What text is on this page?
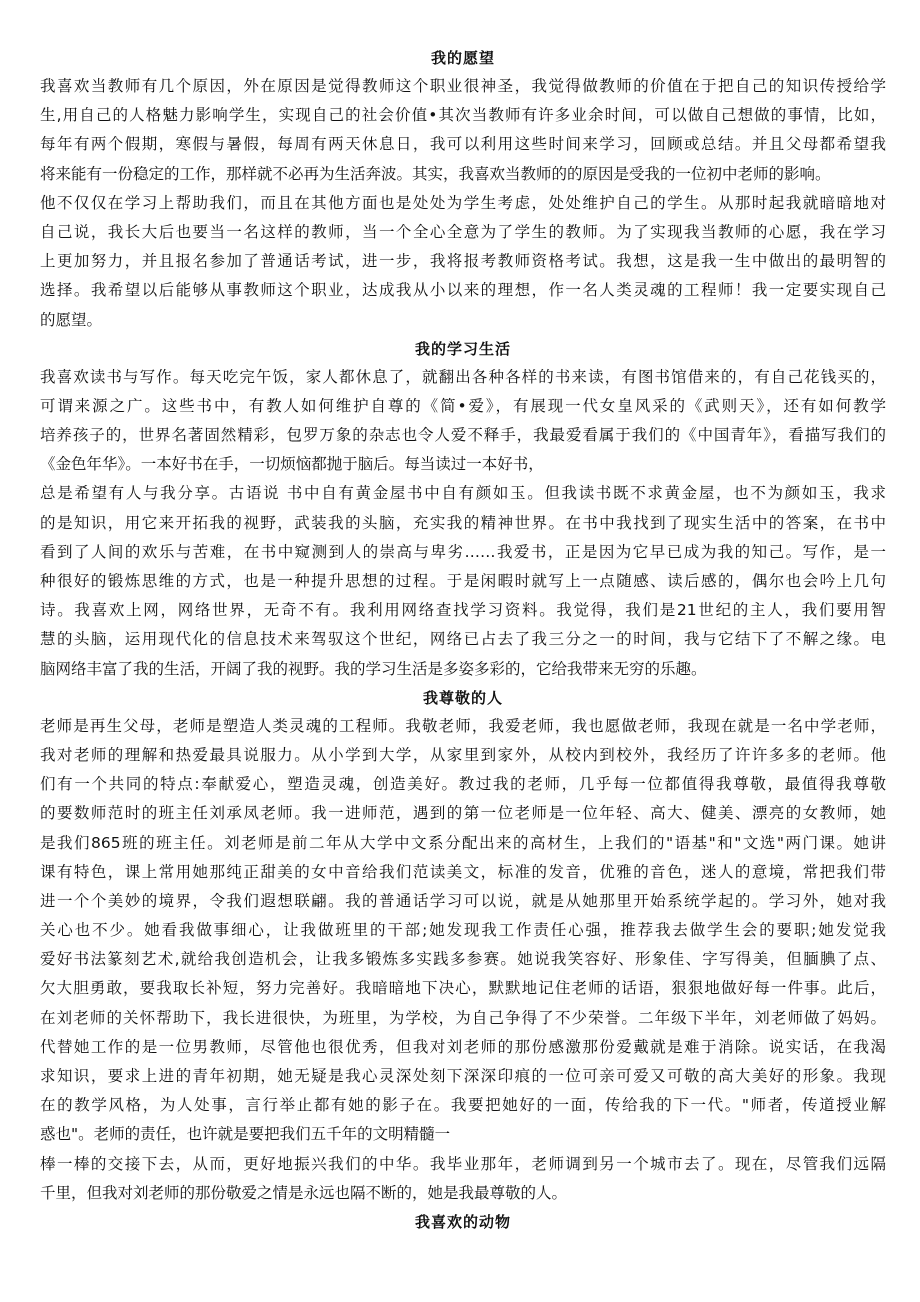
我的愿望
我喜欢当教师有几个原因，外在原因是觉得教师这个职业很神圣，我觉得做教师的价值在于把自己的知识传授给学
生,用自己的人格魅力影响学生，实现自己的社会价值•其次当教师有许多业余时间，可以做自己想做的事情，比如，
每年有两个假期，寒假与暑假，每周有两天休息日，我可以利用这些时间来学习，回顾或总结。并且父母都希望我
将来能有一份稳定的工作，那样就不必再为生活奔波。其实，我喜欢当教师的的原因是受我的一位初中老师的影响。
他不仅仅在学习上帮助我们，而且在其他方面也是处处为学生考虑，处处维护自己的学生。从那时起我就暗暗地对
自己说，我长大后也要当一名这样的教师，当一个全心全意为了学生的教师。为了实现我当教师的心愿，我在学习
上更加努力，并且报名参加了普通话考试，进一步，我将报考教师资格考试。我想，这是我一生中做出的最明智的
选择。我希望以后能够从事教师这个职业，达成我从小以来的理想，作一名人类灵魂的工程师！我一定要实现自己
的愿望。
我的学习生活
我喜欢读书与写作。每天吃完午饭，家人都休息了，就翻出各种各样的书来读，有图书馆借来的，有自己花钱买的，
可谓来源之广。这些书中，有教人如何维护自尊的《简•爱》，有展现一代女皇风采的《武则天》，还有如何教学
培养孩子的，世界名著固然精彩，包罗万象的杂志也令人爱不释手，我最爱看属于我们的《中国青年》，看描写我们的
《金色年华》。一本好书在手，一切烦恼都抛于脑后。每当读过一本好书，
总是希望有人与我分享。古语说 书中自有黄金屋书中自有颜如玉。但我读书既不求黄金屋，也不为颜如玉，我求
的是知识，用它来开拓我的视野，武装我的头脑，充实我的精神世界。在书中我找到了现实生活中的答案，在书中
看到了人间的欢乐与苦难，在书中窥测到人的崇高与卑劣……我爱书，正是因为它早已成为我的知己。写作，是一
种很好的锻炼思维的方式，也是一种提升思想的过程。于是闲暇时就写上一点随感、读后感的，偶尔也会吟上几句
诗。我喜欢上网，网络世界，无奇不有。我利用网络查找学习资料。我觉得，我们是21世纪的主人，我们要用智
慧的头脑，运用现代化的信息技术来驾驭这个世纪，网络已占去了我三分之一的时间，我与它结下了不解之缘。电
脑网络丰富了我的生活，开阔了我的视野。我的学习生活是多姿多彩的，它给我带来无穷的乐趣。
我尊敬的人
老师是再生父母，老师是塑造人类灵魂的工程师。我敬老师，我爱老师，我也愿做老师，我现在就是一名中学老师，
我对老师的理解和热爱最具说服力。从小学到大学，从家里到家外，从校内到校外，我经历了许许多多的老师。他
们有一个共同的特点:奉献爱心，塑造灵魂，创造美好。教过我的老师，几乎每一位都值得我尊敬，最值得我尊敬
的要数师范时的班主任刘承凤老师。我一进师范，遇到的第一位老师是一位年轻、高大、健美、漂亮的女教师，她
是我们865班的班主任。刘老师是前二年从大学中文系分配出来的高材生，上我们的"语基"和"文选"两门课。她讲
课有特色，课上常用她那纯正甜美的女中音给我们范读美文，标准的发音，优雅的音色，迷人的意境，常把我们带
进一个个美妙的境界，令我们遐想联翩。我的普通话学习可以说，就是从她那里开始系统学起的。学习外，她对我
关心也不少。她看我做事细心，让我做班里的干部;她发现我工作责任心强，推荐我去做学生会的要职;她发觉我
爱好书法篆刻艺术,就给我创造机会，让我多锻炼多实践多参赛。她说我笑容好、形象佳、字写得美，但腼腆了点、
欠大胆勇敢，要我取长补短，努力完善好。我暗暗地下决心，默默地记住老师的话语，狠狠地做好每一件事。此后，
在刘老师的关怀帮助下，我长进很快，为班里，为学校，为自己争得了不少荣誉。二年级下半年，刘老师做了妈妈。
代替她工作的是一位男教师，尽管他也很优秀，但我对刘老师的那份感激那份爱戴就是难于消除。说实话，在我渴
求知识，要求上进的青年初期，她无疑是我心灵深处刻下深深印痕的一位可亲可爱又可敬的高大美好的形象。我现
在的教学风格，为人处事，言行举止都有她的影子在。我要把她好的一面，传给我的下一代。"师者，传道授业解
惑也"。老师的责任，也许就是要把我们五千年的文明精髓一
棒一棒的交接下去，从而，更好地振兴我们的中华。我毕业那年，老师调到另一个城市去了。现在，尽管我们远隔
千里，但我对刘老师的那份敬爱之情是永远也隔不断的，她是我最尊敬的人。
我喜欢的动物
